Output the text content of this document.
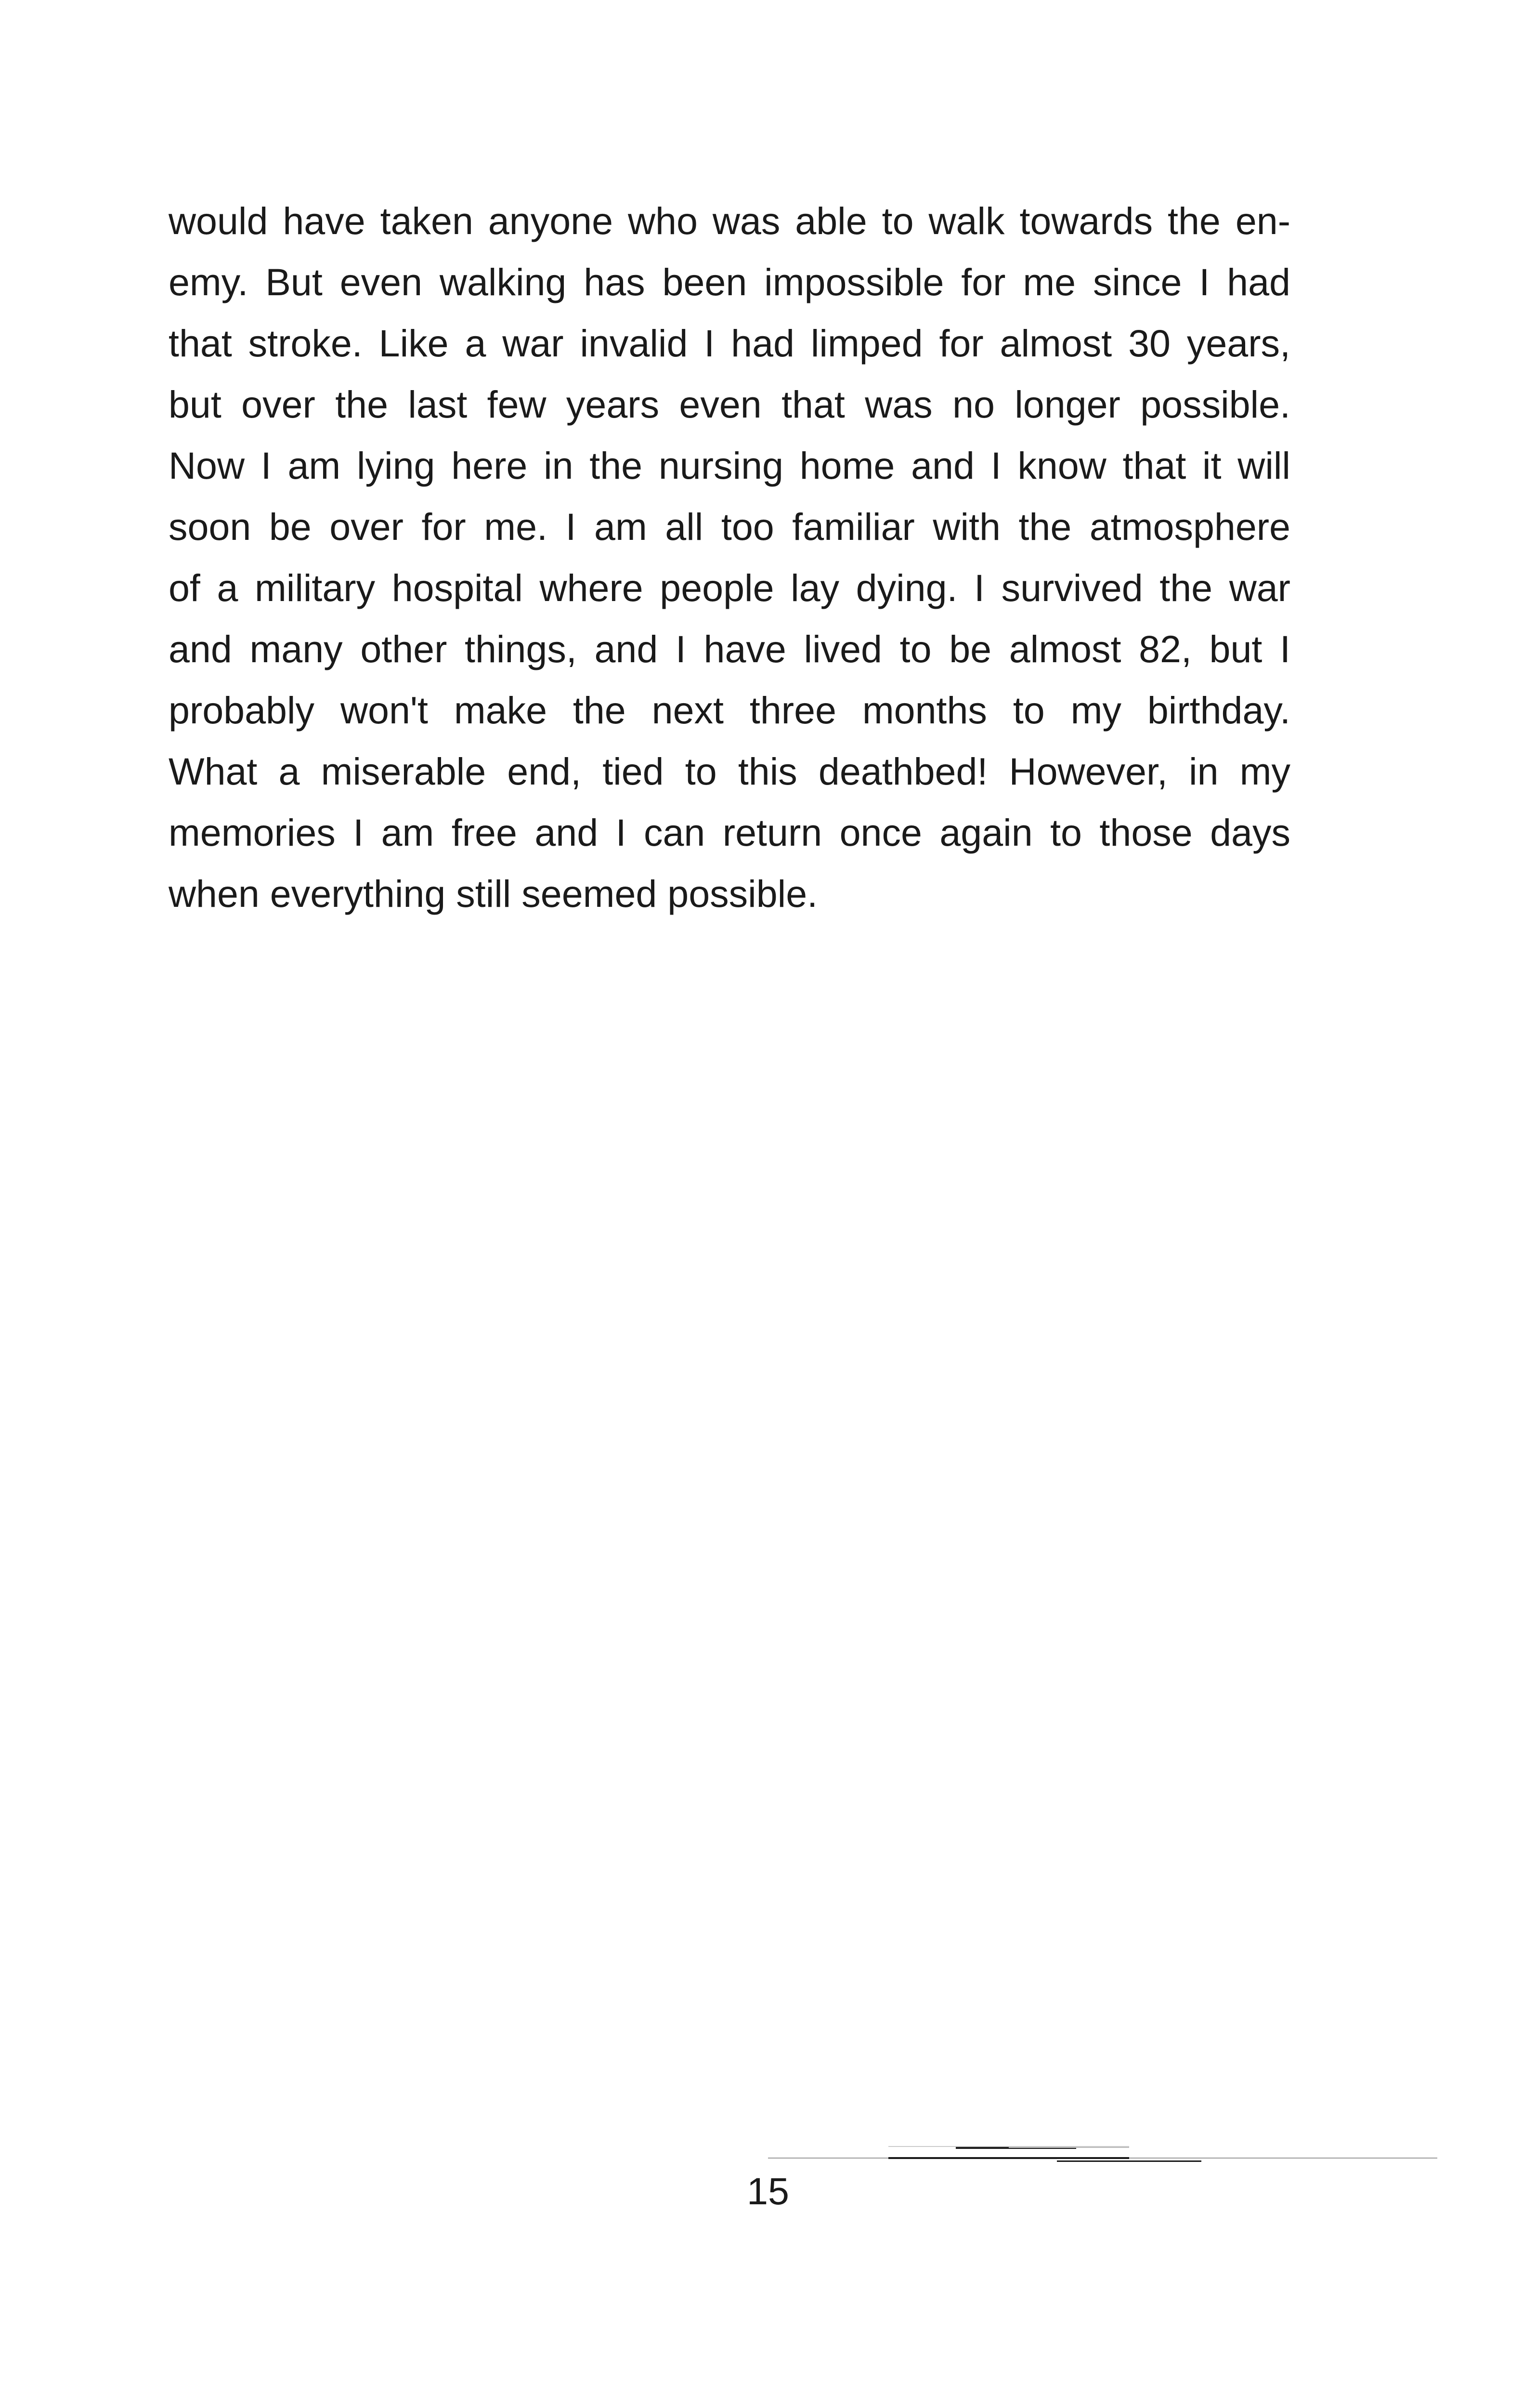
would have taken anyone who was able to walk towards the en-
emy. But even walking has been impossible for me since I had
that stroke. Like a war invalid I had limped for almost 30 years,
but over the last few years even that was no longer possible.
Now I am lying here in the nursing home and I know that it will
soon be over for me. I am all too familiar with the atmosphere
of a military hospital where people lay dying. I survived the war
and many other things, and I have lived to be almost 82, but I
probably won't make the next three months to my birthday.
What a miserable end, tied to this deathbed! However, in my
memories I am free and I can return once again to those days
when everything still seemed possible.
15
